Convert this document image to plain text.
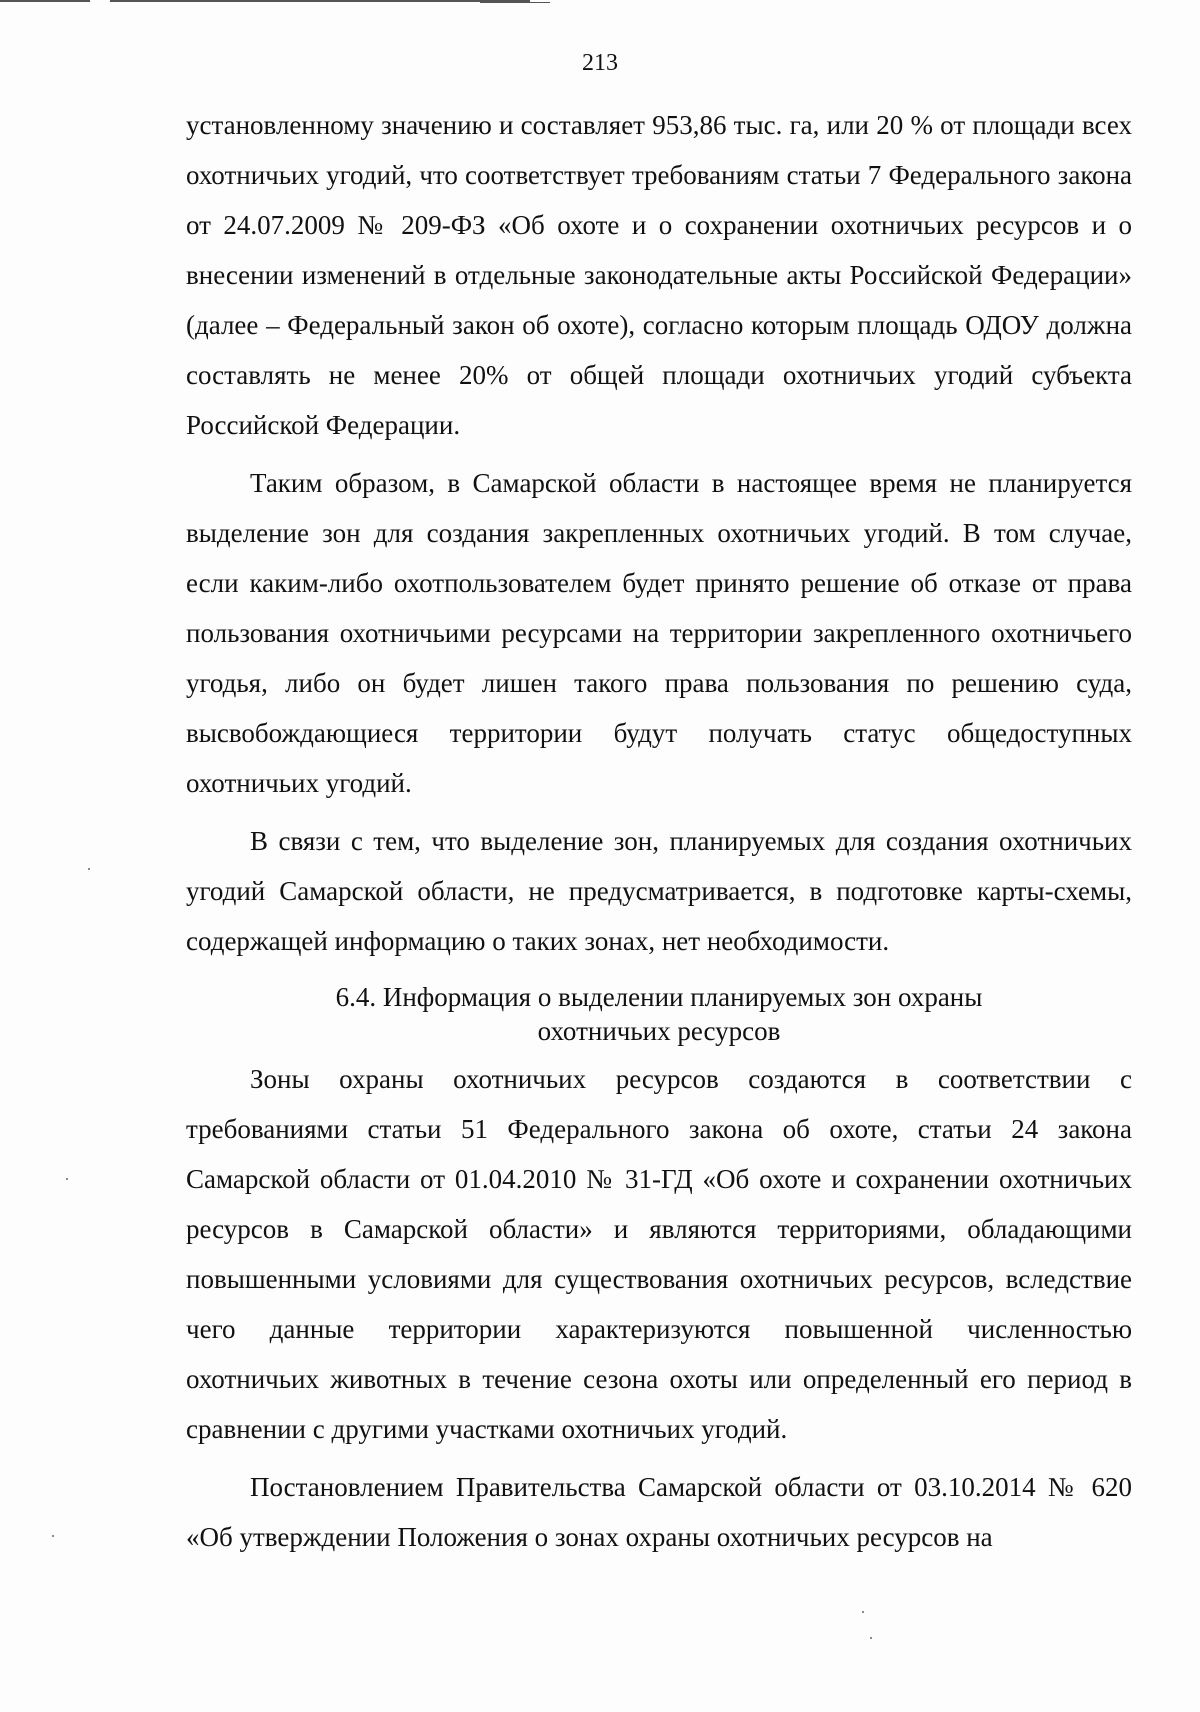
213

установленному значению и составляет 953,86 тыс. га, или 20 % от площади всех охотничьих угодий, что соответствует требованиям статьи 7 Федерального закона от 24.07.2009 № 209-ФЗ «Об охоте и о сохранении охотничьих ресурсов и о внесении изменений в отдельные законодательные акты Российской Федерации» (далее – Федеральный закон об охоте), согласно которым площадь ОДОУ должна составлять не менее 20% от общей площади охотничьих угодий субъекта Российской Федерации.

Таким образом, в Самарской области в настоящее время не планируется выделение зон для создания закрепленных охотничьих угодий. В том случае, если каким-либо охотпользователем будет принято решение об отказе от права пользования охотничьими ресурсами на территории закрепленного охотничьего угодья, либо он будет лишен такого права пользования по решению суда, высвобождающиеся территории будут получать статус общедоступных охотничьих угодий.

В связи с тем, что выделение зон, планируемых для создания охотничьих угодий Самарской области, не предусматривается, в подготовке карты-схемы, содержащей информацию о таких зонах, нет необходимости.

6.4. Информация о выделении планируемых зон охраны
охотничьих ресурсов

Зоны охраны охотничьих ресурсов создаются в соответствии с требованиями статьи 51 Федерального закона об охоте, статьи 24 закона Самарской области от 01.04.2010 № 31-ГД «Об охоте и сохранении охотничьих ресурсов в Самарской области» и являются территориями, обладающими повышенными условиями для существования охотничьих ресурсов, вследствие чего данные территории характеризуются повышенной численностью охотничьих животных в течение сезона охоты или определенный его период в сравнении с другими участками охотничьих угодий.

Постановлением Правительства Самарской области от 03.10.2014 № 620 «Об утверждении Положения о зонах охраны охотничьих ресурсов на
